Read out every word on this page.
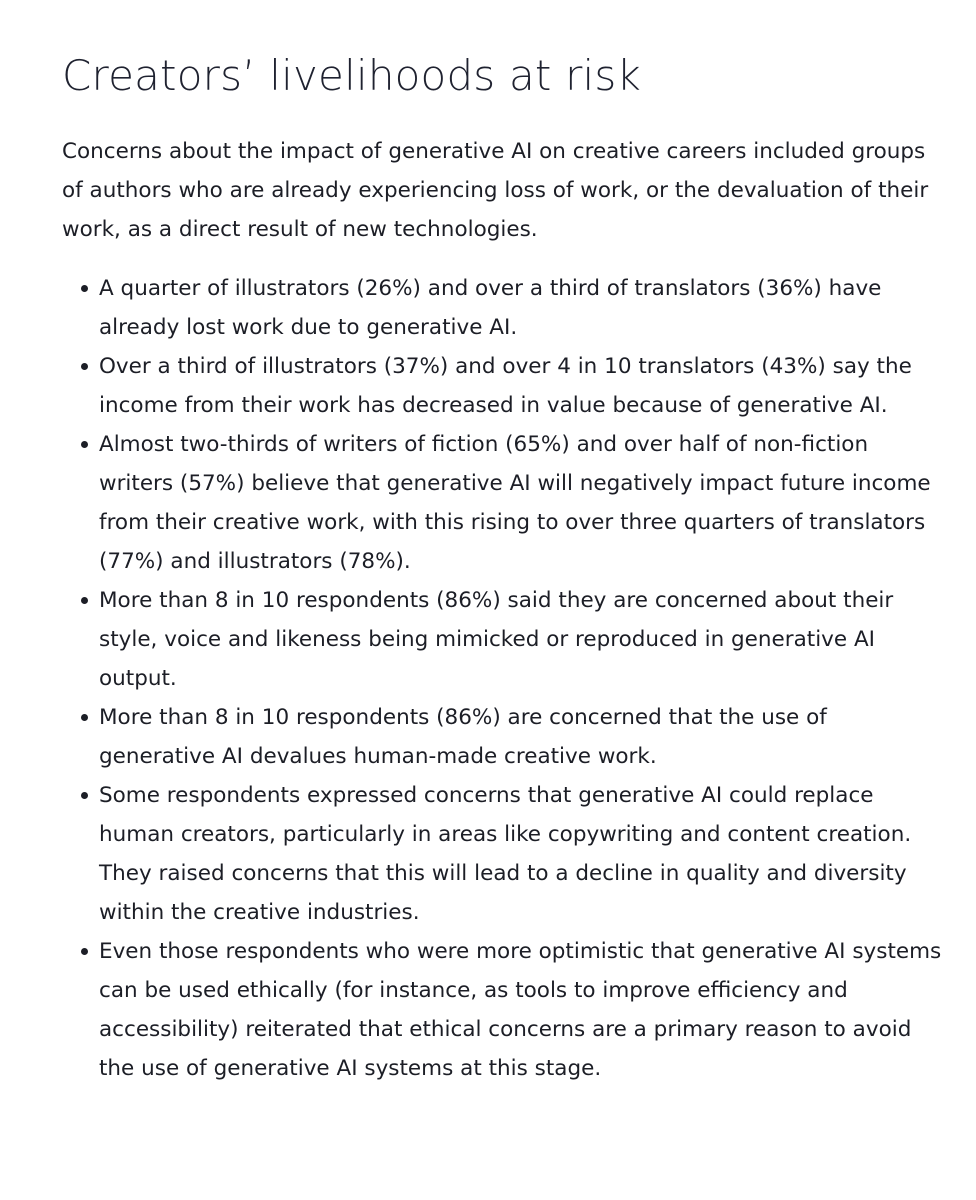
Creators’ livelihoods at risk

Concerns about the impact of generative AI on creative careers included groups of authors who are already experiencing loss of work, or the devaluation of their work, as a direct result of new technologies.

A quarter of illustrators (26%) and over a third of translators (36%) have already lost work due to generative AI.
Over a third of illustrators (37%) and over 4 in 10 translators (43%) say the income from their work has decreased in value because of generative AI.
Almost two-thirds of writers of fiction (65%) and over half of non-fiction writers (57%) believe that generative AI will negatively impact future income from their creative work, with this rising to over three quarters of translators (77%) and illustrators (78%).
More than 8 in 10 respondents (86%) said they are concerned about their style, voice and likeness being mimicked or reproduced in generative AI output.
More than 8 in 10 respondents (86%) are concerned that the use of generative AI devalues human-made creative work.
Some respondents expressed concerns that generative AI could replace human creators, particularly in areas like copywriting and content creation. They raised concerns that this will lead to a decline in quality and diversity within the creative industries.
Even those respondents who were more optimistic that generative AI systems can be used ethically (for instance, as tools to improve efficiency and accessibility) reiterated that ethical concerns are a primary reason to avoid the use of generative AI systems at this stage.
